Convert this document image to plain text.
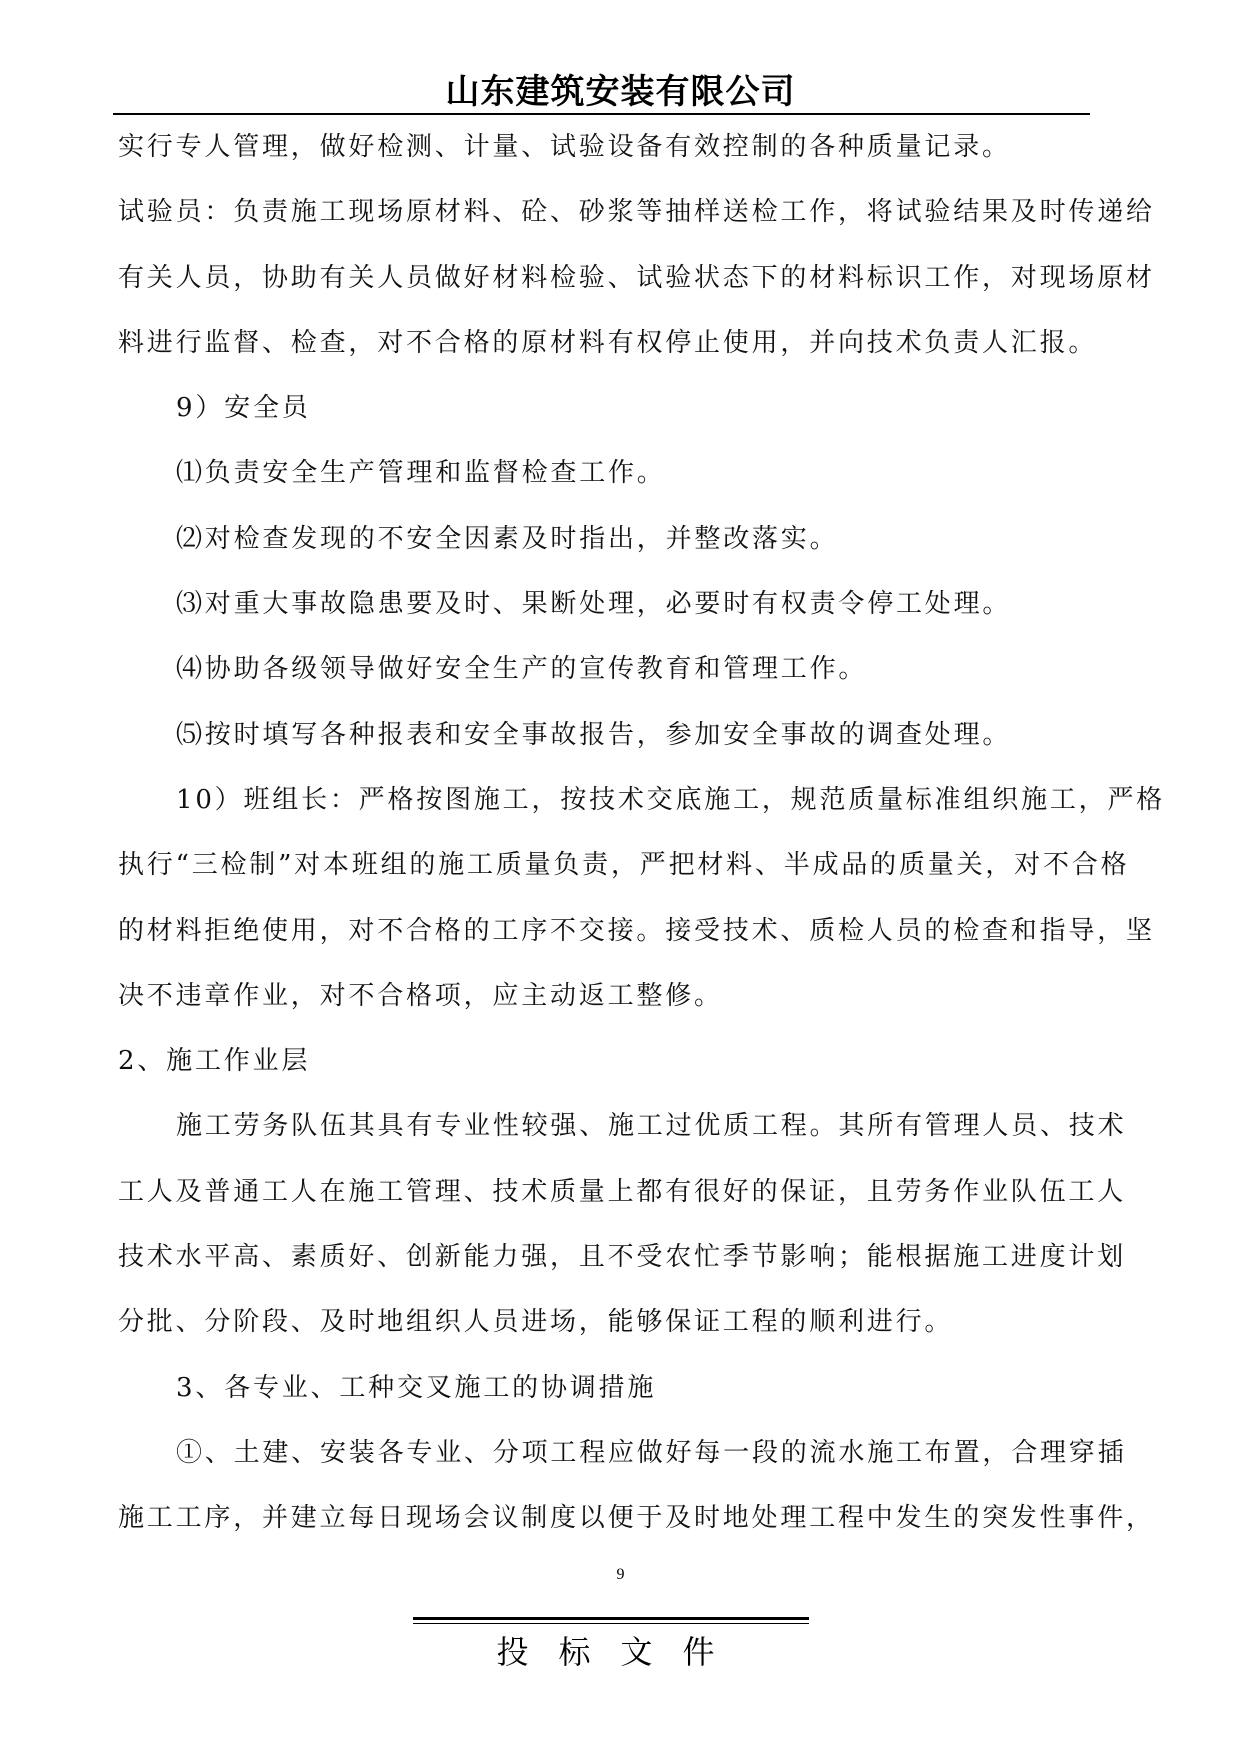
山东建筑安装有限公司
实行专人管理，做好检测、计量、试验设备有效控制的各种质量记录。
试验员：负责施工现场原材料、砼、砂浆等抽样送检工作，将试验结果及时传递给
有关人员，协助有关人员做好材料检验、试验状态下的材料标识工作，对现场原材
料进行监督、检查，对不合格的原材料有权停止使用，并向技术负责人汇报。
9）安全员
⑴负责安全生产管理和监督检查工作。
⑵对检查发现的不安全因素及时指出，并整改落实。
⑶对重大事故隐患要及时、果断处理，必要时有权责令停工处理。
⑷协助各级领导做好安全生产的宣传教育和管理工作。
⑸按时填写各种报表和安全事故报告，参加安全事故的调查处理。
10）班组长：严格按图施工，按技术交底施工，规范质量标准组织施工，严格
执行“三检制”对本班组的施工质量负责，严把材料、半成品的质量关，对不合格
的材料拒绝使用，对不合格的工序不交接。接受技术、质检人员的检查和指导，坚
决不违章作业，对不合格项，应主动返工整修。
2、施工作业层
施工劳务队伍其具有专业性较强、施工过优质工程。其所有管理人员、技术
工人及普通工人在施工管理、技术质量上都有很好的保证，且劳务作业队伍工人
技术水平高、素质好、创新能力强，且不受农忙季节影响；能根据施工进度计划
分批、分阶段、及时地组织人员进场，能够保证工程的顺利进行。
3、各专业、工种交叉施工的协调措施
①、土建、安装各专业、分项工程应做好每一段的流水施工布置，合理穿插
施工工序，并建立每日现场会议制度以便于及时地处理工程中发生的突发性事件，
9
投标文件
